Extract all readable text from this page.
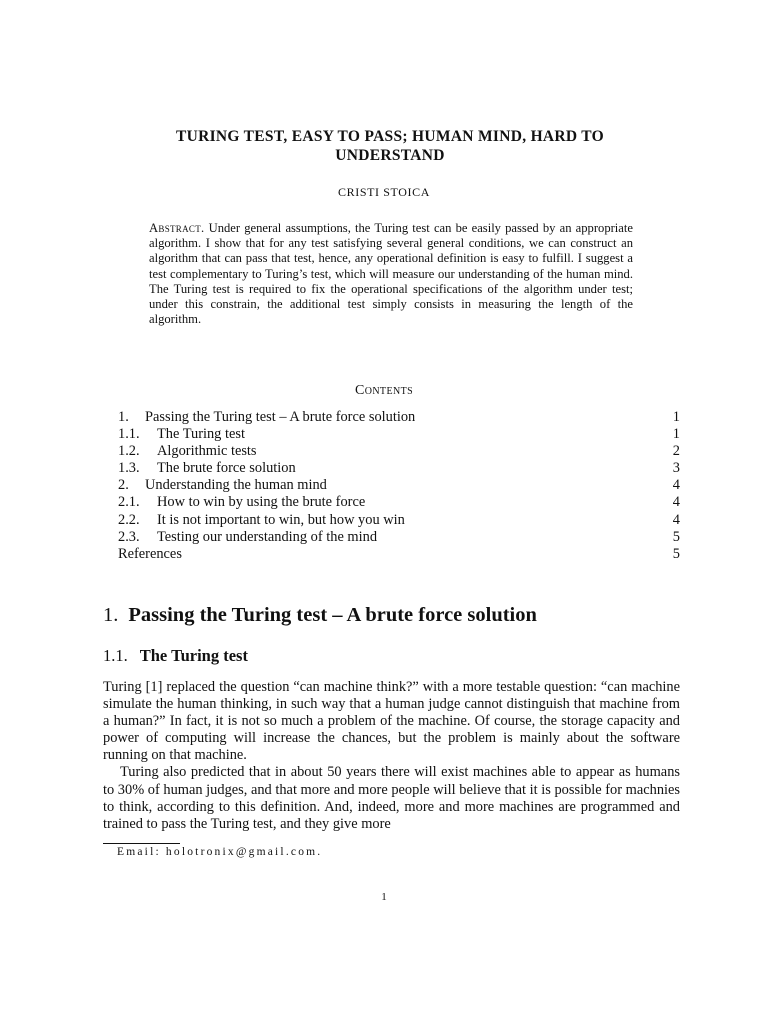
TURING TEST, EASY TO PASS; HUMAN MIND, HARD TO UNDERSTAND
CRISTI STOICA
Abstract. Under general assumptions, the Turing test can be easily passed by an appropriate algorithm. I show that for any test satisfying several general conditions, we can construct an algorithm that can pass that test, hence, any operational definition is easy to fulfill. I suggest a test complementary to Turing’s test, which will measure our understanding of the human mind. The Turing test is required to fix the operational specifications of the algorithm under test; under this constrain, the additional test simply consists in measuring the length of the algorithm.
Contents
1. Passing the Turing test – A brute force solution	1
1.1. The Turing test	1
1.2. Algorithmic tests	2
1.3. The brute force solution	3
2. Understanding the human mind	4
2.1. How to win by using the brute force	4
2.2. It is not important to win, but how you win	4
2.3. Testing our understanding of the mind	5
References	5
1. Passing the Turing test – A brute force solution
1.1. The Turing test

Turing [1] replaced the question “can machine think?” with a more testable question: “can machine simulate the human thinking, in such way that a human judge cannot distinguish that machine from a human?” In fact, it is not so much a problem of the machine. Of course, the storage capacity and power of computing will increase the chances, but the problem is mainly about the software running on that machine.

Turing also predicted that in about 50 years there will exist machines able to appear as humans to 30% of human judges, and that more and more people will believe that it is possible for machnies to think, according to this definition. And, indeed, more and more machines are programmed and trained to pass the Turing test, and they give more

Email: holotronix@gmail.com.
1
